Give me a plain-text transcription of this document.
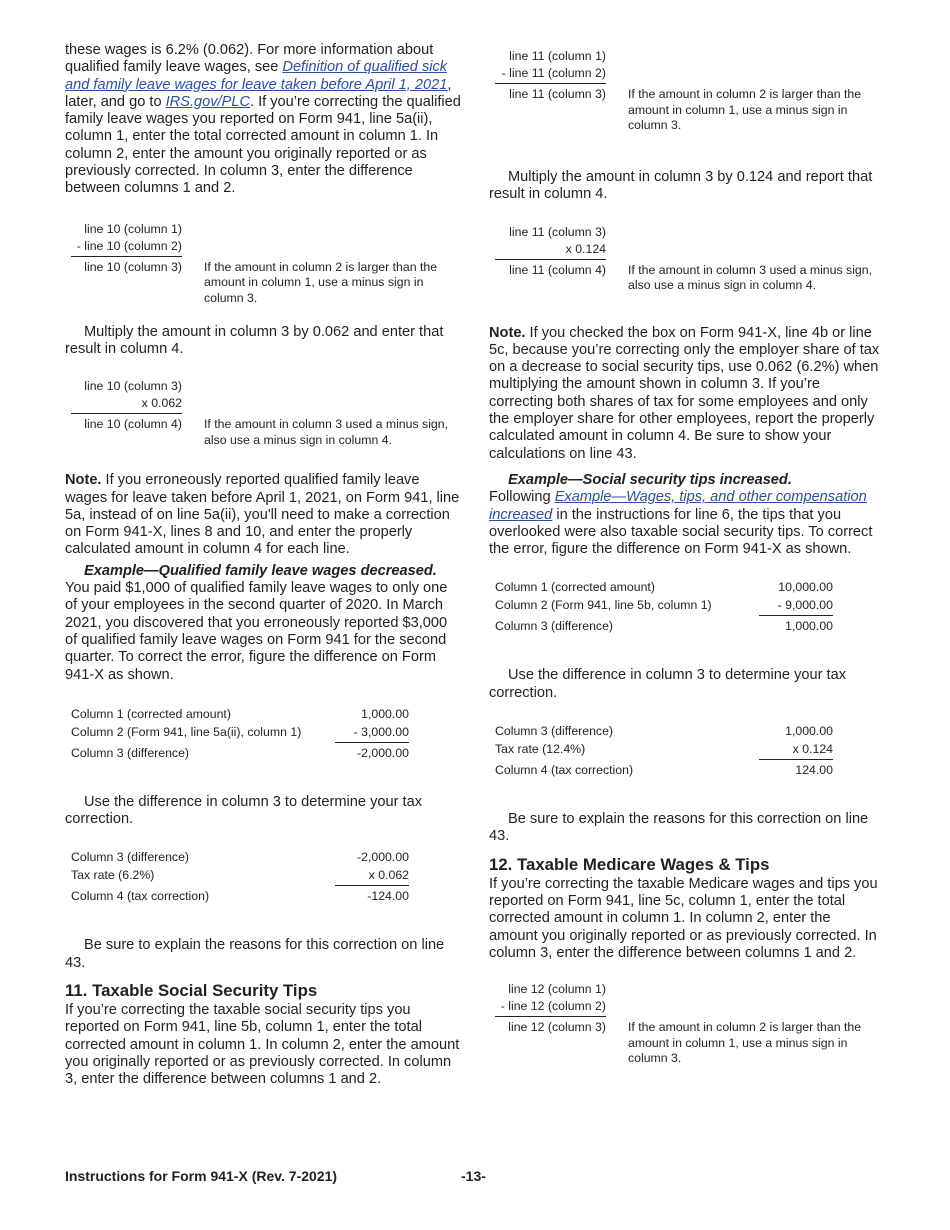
these wages is 6.2% (0.062). For more information about qualified family leave wages, see Definition of qualified sick and family leave wages for leave taken before April 1, 2021, later, and go to IRS.gov/PLC. If you’re correcting the qualified family leave wages you reported on Form 941, line 5a(ii), column 1, enter the total corrected amount in column 1. In column 2, enter the amount you originally reported or as previously corrected. In column 3, enter the difference between columns 1 and 2.

line 10 (column 1)
- line 10 (column 2)
line 10 (column 3) If the amount in column 2 is larger than the amount in column 1, use a minus sign in column 3.

Multiply the amount in column 3 by 0.062 and enter that result in column 4.

line 10 (column 3)
x 0.062
line 10 (column 4) If the amount in column 3 used a minus sign, also use a minus sign in column 4.

Note. If you erroneously reported qualified family leave wages for leave taken before April 1, 2021, on Form 941, line 5a, instead of on line 5a(ii), you'll need to make a correction on Form 941-X, lines 8 and 10, and enter the properly calculated amount in column 4 for each line.

Example—Qualified family leave wages decreased. You paid $1,000 of qualified family leave wages to only one of your employees in the second quarter of 2020. In March 2021, you discovered that you erroneously reported $3,000 of qualified family leave wages on Form 941 for the second quarter. To correct the error, figure the difference on Form 941-X as shown.

Column 1 (corrected amount)	1,000.00
Column 2 (Form 941, line 5a(ii), column 1)	- 3,000.00
Column 3 (difference)	-2,000.00

Use the difference in column 3 to determine your tax correction.

Column 3 (difference)	-2,000.00
Tax rate (6.2%)	x 0.062
Column 4 (tax correction)	-124.00

Be sure to explain the reasons for this correction on line 43.

11. Taxable Social Security Tips

If you’re correcting the taxable social security tips you reported on Form 941, line 5b, column 1, enter the total corrected amount in column 1. In column 2, enter the amount you originally reported or as previously corrected. In column 3, enter the difference between columns 1 and 2.

line 11 (column 1)
- line 11 (column 2)
line 11 (column 3) If the amount in column 2 is larger than the amount in column 1, use a minus sign in column 3.

Multiply the amount in column 3 by 0.124 and report that result in column 4.

line 11 (column 3)
x 0.124
line 11 (column 4) If the amount in column 3 used a minus sign, also use a minus sign in column 4.

Note. If you checked the box on Form 941-X, line 4b or line 5c, because you’re correcting only the employer share of tax on a decrease to social security tips, use 0.062 (6.2%) when multiplying the amount shown in column 3. If you’re correcting both shares of tax for some employees and only the employer share for other employees, report the properly calculated amount in column 4. Be sure to show your calculations on line 43.

Example—Social security tips increased.
Following Example—Wages, tips, and other compensation increased in the instructions for line 6, the tips that you overlooked were also taxable social security tips. To correct the error, figure the difference on Form 941-X as shown.

Column 1 (corrected amount)	10,000.00
Column 2 (Form 941, line 5b, column 1)	- 9,000.00
Column 3 (difference)	1,000.00

Use the difference in column 3 to determine your tax correction.

Column 3 (difference)	1,000.00
Tax rate (12.4%)	x 0.124
Column 4 (tax correction)	124.00

Be sure to explain the reasons for this correction on line 43.

12. Taxable Medicare Wages & Tips

If you’re correcting the taxable Medicare wages and tips you reported on Form 941, line 5c, column 1, enter the total corrected amount in column 1. In column 2, enter the amount you originally reported or as previously corrected. In column 3, enter the difference between columns 1 and 2.

line 12 (column 1)
- line 12 (column 2)
line 12 (column 3) If the amount in column 2 is larger than the amount in column 1, use a minus sign in column 3.
Instructions for Form 941-X (Rev. 7-2021)	-13-
